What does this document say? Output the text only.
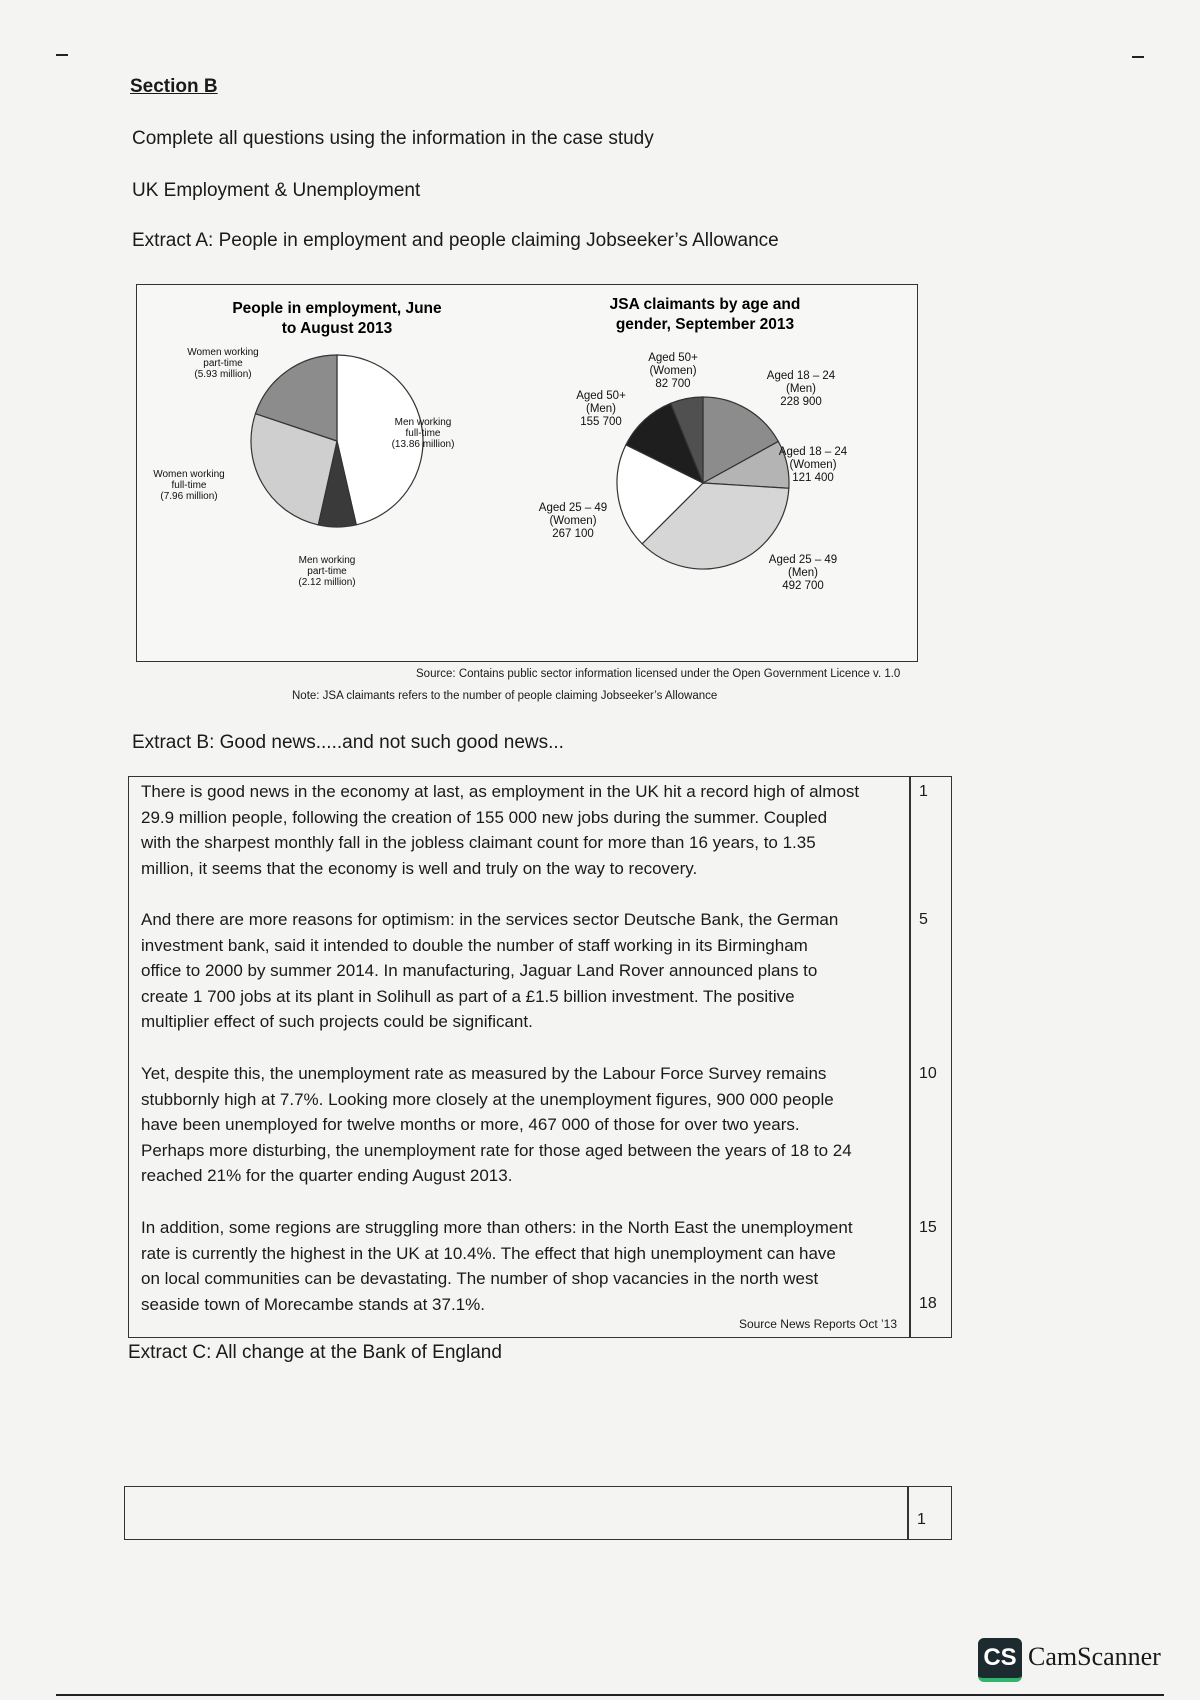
Section B
Complete all questions using the information in the case study
UK Employment & Unemployment
Extract A: People in employment and people claiming Jobseeker’s Allowance
People in employment, June
to August 2013
JSA claimants by age and
gender, September 2013
Men working
full-time
(13.86 million)
Men working
part-time
(2.12 million)
Women working
full-time
(7.96 million)
Women working
part-time
(5.93 million)	Aged 18 – 24
(Men)
228 900
Aged 18 – 24
(Women)
121 400
Aged 25 – 49
(Men)
492 700
Aged 25 – 49
(Women)
267 100
Aged 50+
(Men)
155 700
Aged 50+
(Women)
82 700
Source: Contains public sector information licensed under the Open Government Licence v. 1.0
Note: JSA claimants refers to the number of people claiming Jobseeker’s Allowance
Extract B: Good news.....and not such good news...
There is good news in the economy at last, as employment in the UK hit a record high of almost
29.9 million people, following the creation of 155 000 new jobs during the summer. Coupled
with the sharpest monthly fall in the jobless claimant count for more than 16 years, to 1.35
million, it seems that the economy is well and truly on the way to recovery.
1
And there are more reasons for optimism: in the services sector Deutsche Bank, the German
investment bank, said it intended to double the number of staff working in its Birmingham
office to 2000 by summer 2014. In manufacturing, Jaguar Land Rover announced plans to
create 1 700 jobs at its plant in Solihull as part of a £1.5 billion investment. The positive
multiplier effect of such projects could be significant.
5
Yet, despite this, the unemployment rate as measured by the Labour Force Survey remains
stubbornly high at 7.7%. Looking more closely at the unemployment figures, 900 000 people
have been unemployed for twelve months or more, 467 000 of those for over two years.
Perhaps more disturbing, the unemployment rate for those aged between the years of 18 to 24
reached 21% for the quarter ending August 2013.
10
In addition, some regions are struggling more than others: in the North East the unemployment
rate is currently the highest in the UK at 10.4%. The effect that high unemployment can have
on local communities can be devastating. The number of shop vacancies in the north west
seaside town of Morecambe stands at 37.1%.
15
18
Source News Reports Oct ’13
Extract C: All change at the Bank of England
1
CS CamScanner
